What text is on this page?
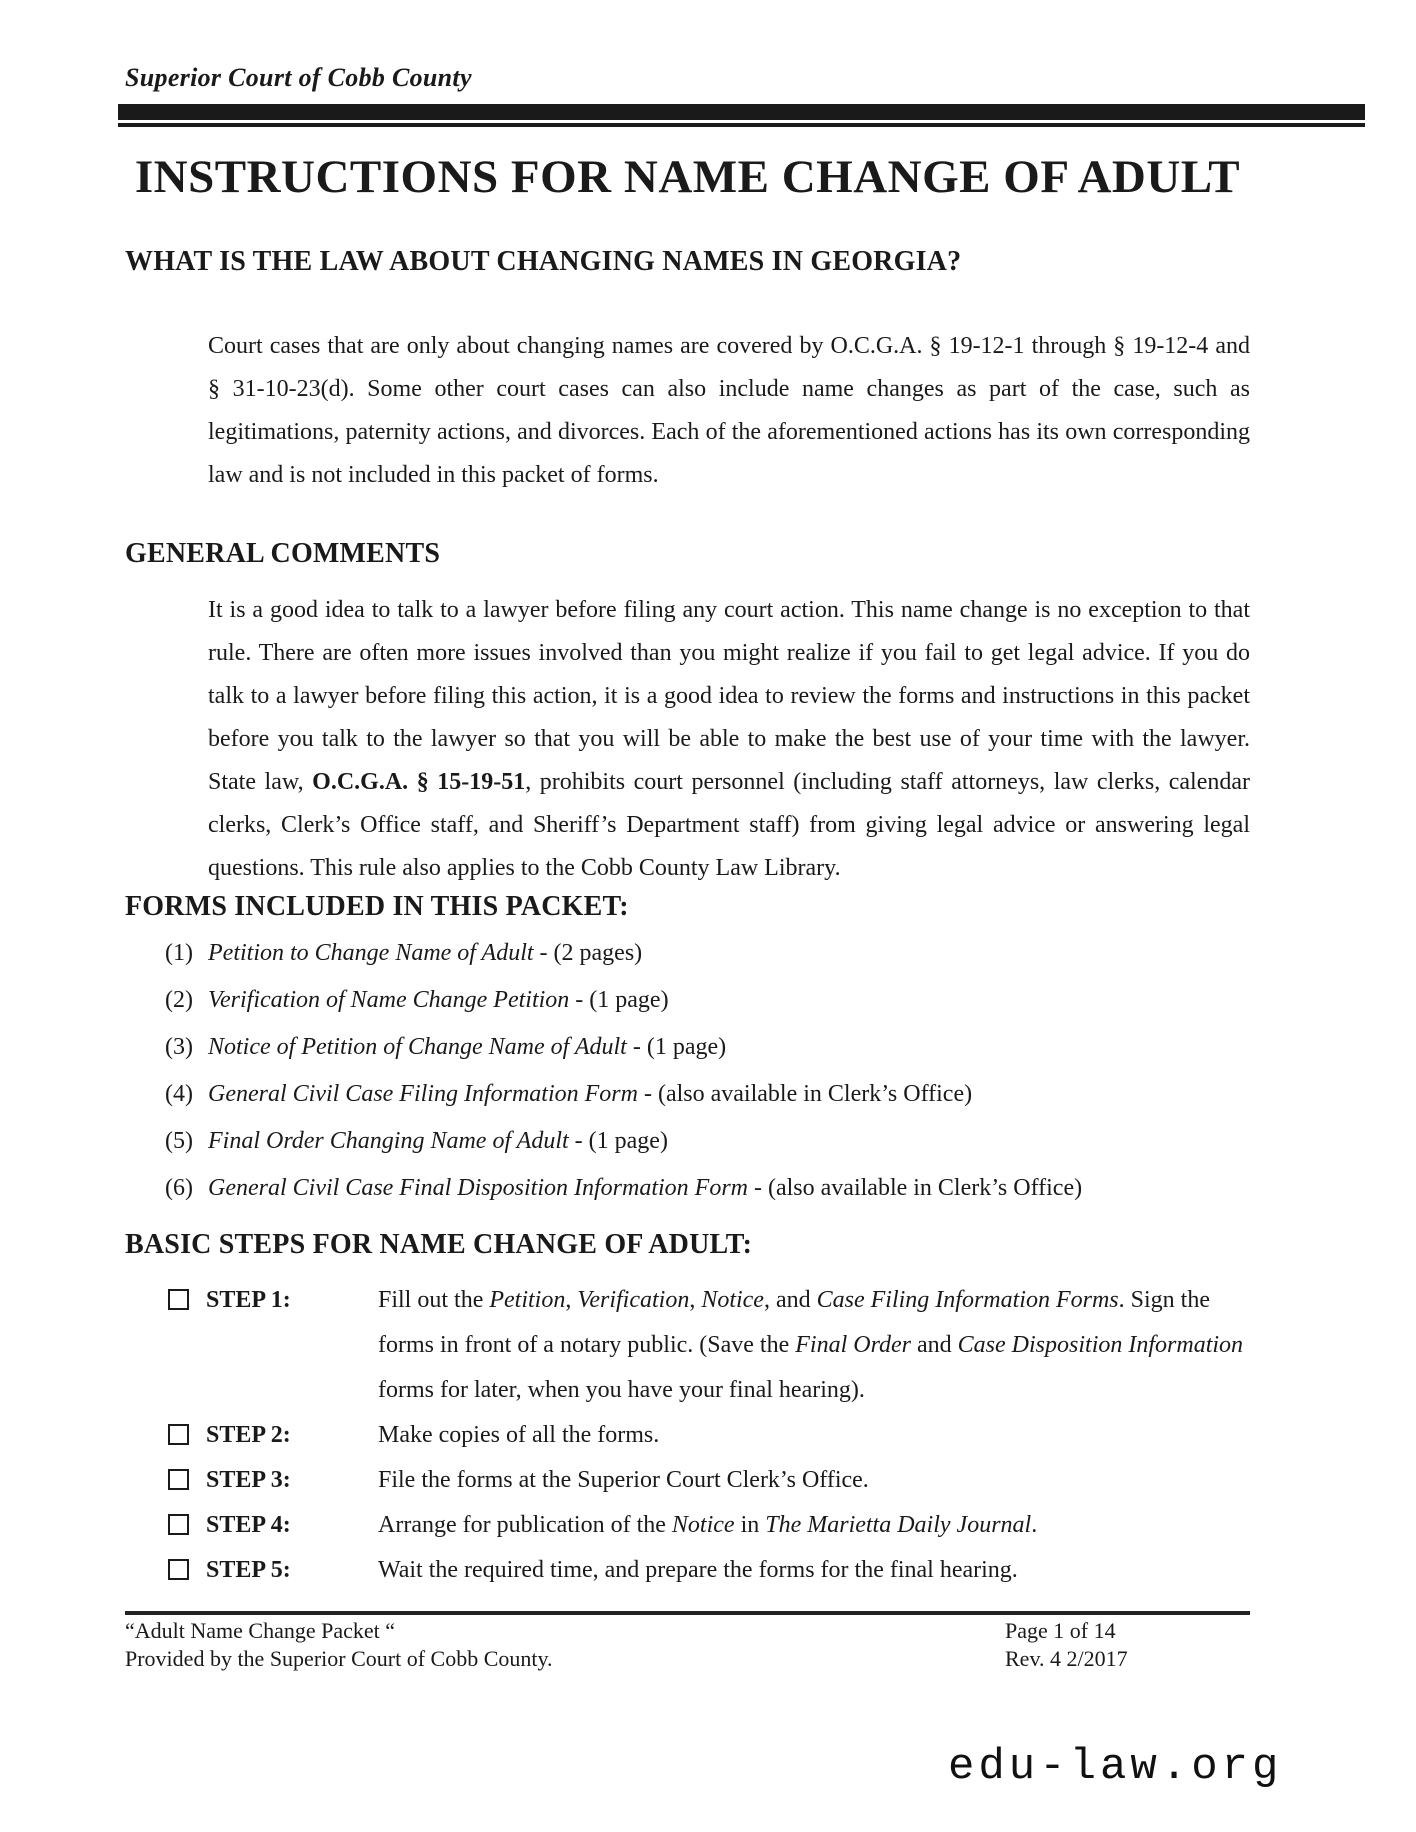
Superior Court of Cobb County
INSTRUCTIONS FOR NAME CHANGE OF ADULT
WHAT IS THE LAW ABOUT CHANGING NAMES IN GEORGIA?
Court cases that are only about changing names are covered by O.C.G.A. § 19-12-1 through § 19-12-4 and § 31-10-23(d). Some other court cases can also include name changes as part of the case, such as legitimations, paternity actions, and divorces. Each of the aforementioned actions has its own corresponding law and is not included in this packet of forms.
GENERAL COMMENTS
It is a good idea to talk to a lawyer before filing any court action. This name change is no exception to that rule. There are often more issues involved than you might realize if you fail to get legal advice. If you do talk to a lawyer before filing this action, it is a good idea to review the forms and instructions in this packet before you talk to the lawyer so that you will be able to make the best use of your time with the lawyer. State law, O.C.G.A. § 15-19-51, prohibits court personnel (including staff attorneys, law clerks, calendar clerks, Clerk’s Office staff, and Sheriff’s Department staff) from giving legal advice or answering legal questions. This rule also applies to the Cobb County Law Library.
FORMS INCLUDED IN THIS PACKET:
(1) Petition to Change Name of Adult - (2 pages)
(2) Verification of Name Change Petition - (1 page)
(3) Notice of Petition of Change Name of Adult - (1 page)
(4) General Civil Case Filing Information Form - (also available in Clerk’s Office)
(5) Final Order Changing Name of Adult - (1 page)
(6) General Civil Case Final Disposition Information Form - (also available in Clerk’s Office)
BASIC STEPS FOR NAME CHANGE OF ADULT:
STEP 1:	Fill out the Petition, Verification, Notice, and Case Filing Information Forms. Sign the forms in front of a notary public. (Save the Final Order and Case Disposition Information forms for later, when you have your final hearing).
STEP 2:	Make copies of all the forms.
STEP 3:	File the forms at the Superior Court Clerk’s Office.
STEP 4:	Arrange for publication of the Notice in The Marietta Daily Journal.
STEP 5:	Wait the required time, and prepare the forms for the final hearing.
“Adult Name Change Packet “
Provided by the Superior Court of Cobb County.
Page 1 of 14
Rev. 4 2/2017
edu-law.org
